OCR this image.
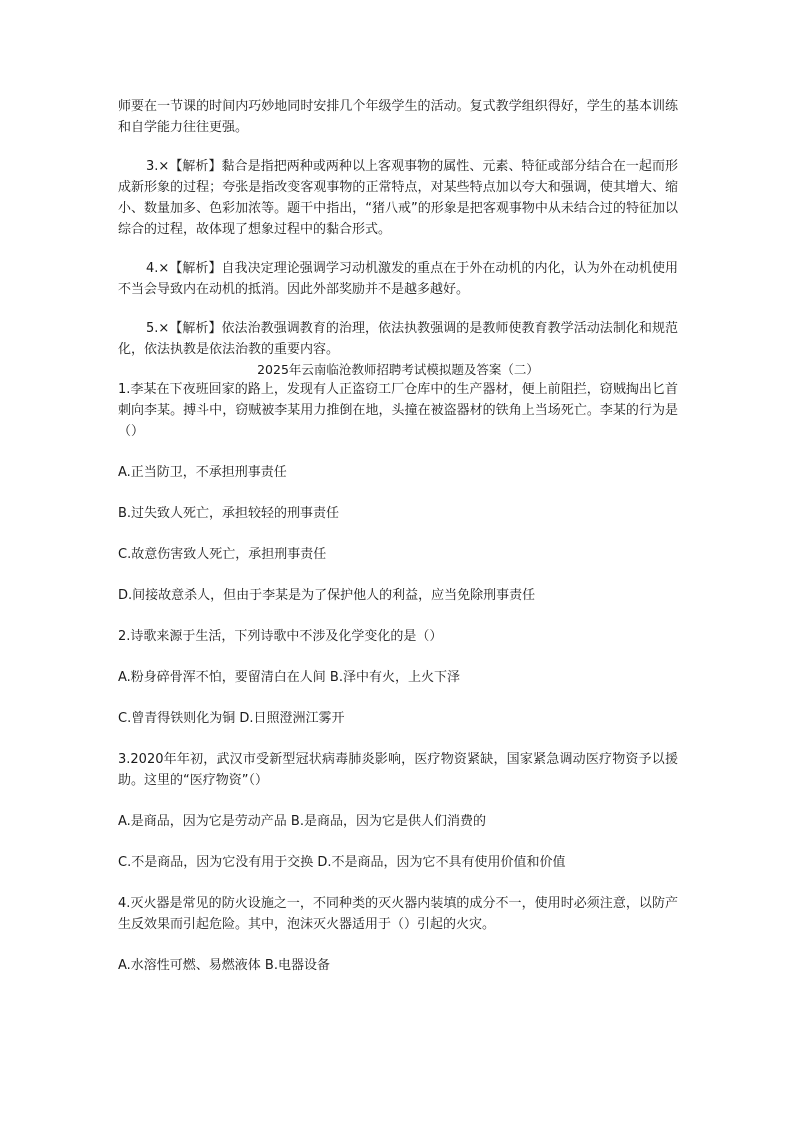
师要在一节课的时间内巧妙地同时安排几个年级学生的活动。复式教学组织得好，学生的基本训练和自学能力往往更强。

3.×【解析】黏合是指把两种或两种以上客观事物的属性、元素、特征或部分结合在一起而形成新形象的过程；夸张是指改变客观事物的正常特点，对某些特点加以夸大和强调，使其增大、缩小、数量加多、色彩加浓等。题干中指出，“猪八戒”的形象是把客观事物中从未结合过的特征加以综合的过程，故体现了想象过程中的黏合形式。

4.×【解析】自我决定理论强调学习动机激发的重点在于外在动机的内化，认为外在动机使用不当会导致内在动机的抵消。因此外部奖励并不是越多越好。

5.×【解析】依法治教强调教育的治理，依法执教强调的是教师使教育教学活动法制化和规范化，依法执教是依法治教的重要内容。

2025年云南临沧教师招聘考试模拟题及答案（二）

1.李某在下夜班回家的路上，发现有人正盗窃工厂仓库中的生产器材，便上前阻拦，窃贼掏出匕首刺向李某。搏斗中，窃贼被李某用力推倒在地，头撞在被盗器材的铁角上当场死亡。李某的行为是（）

A.正当防卫，不承担刑事责任

B.过失致人死亡，承担较轻的刑事责任

C.故意伤害致人死亡，承担刑事责任

D.间接故意杀人，但由于李某是为了保护他人的利益，应当免除刑事责任

2.诗歌来源于生活，下列诗歌中不涉及化学变化的是（）

A.粉身碎骨浑不怕，要留清白在人间 B.泽中有火，上火下泽

C.曾青得铁则化为铜 D.日照澄洲江雾开

3.2020年年初，武汉市受新型冠状病毒肺炎影响，医疗物资紧缺，国家紧急调动医疗物资予以援助。这里的“医疗物资”（）

A.是商品，因为它是劳动产品 B.是商品，因为它是供人们消费的

C.不是商品，因为它没有用于交换 D.不是商品，因为它不具有使用价值和价值

4.灭火器是常见的防火设施之一，不同种类的灭火器内装填的成分不一，使用时必须注意，以防产生反效果而引起危险。其中，泡沫灭火器适用于（）引起的火灾。

A.水溶性可燃、易燃液体 B.电器设备
